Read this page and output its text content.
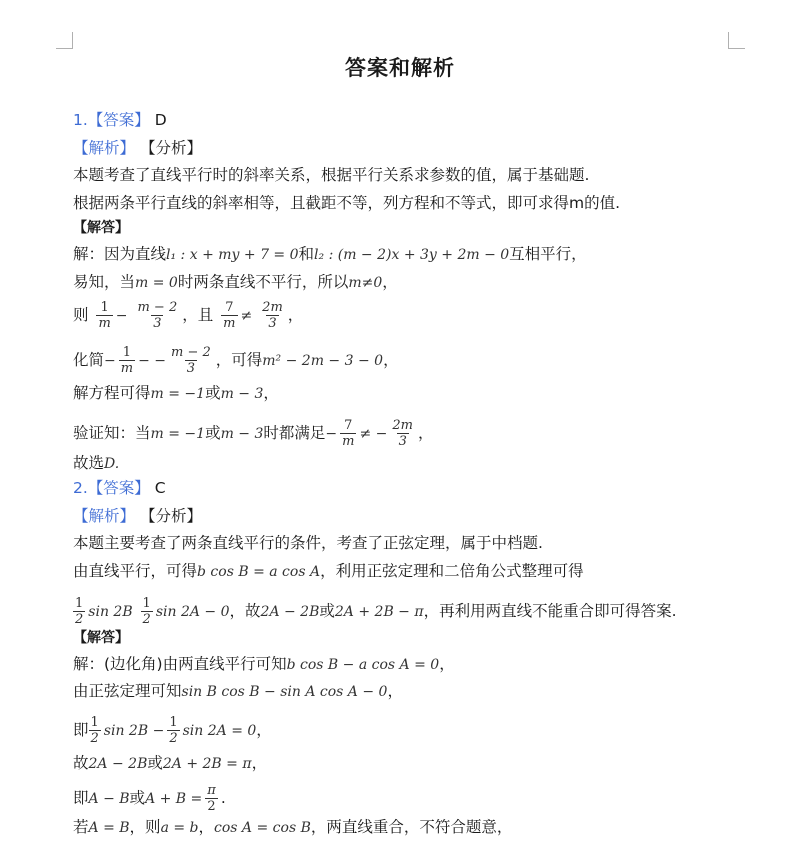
答案和解析
1.【答案】 D
【解析】 【分析】
本题考查了直线平行时的斜率关系，根据平行关系求参数的值，属于基础题.
根据两条平行直线的斜率相等，且截距不等，列方程和不等式，即可求得m的值.
【解答】
解：因为直线l₁ : x + my + 7 = 0和l₂ : (m − 2)x + 3y + 2m − 0互相平行，
易知，当m = 0时两条直线不平行，所以m≠0，
则 $\frac{1}{m} - \frac{m - 2}{3}$ ，且 $\frac{7}{m} \ne \frac{2m}{3}$ ，
化简− $\frac{1}{m}$ − − $\frac{m - 2}{3}$ ，可得m² − 2m − 3 − 0，
解方程可得m = −1或m − 3，
验证知：当m = −1或m − 3时都满足− $\frac{7}{m}$ ≠ − $\frac{2m}{3}$ ，
故选D.
2.【答案】 C
【解析】 【分析】
本题主要考查了两条直线平行的条件，考查了正弦定理，属于中档题.
由直线平行，可得b cos B = a cos A，利用正弦定理和二倍角公式整理可得
$\frac{1}{2}$ $\sin 2B \frac{1}{2}$ sin 2A − 0，故2A − 2B或2A + 2B − π，再利用两直线不能重合即可得答案.
【解答】
解：(边化角)由两直线平行可知b cos B − a cos A = 0，
由正弦定理可知sin B cos B − sin A cos A − 0，
即 $\frac{1}{2}$ $\sin 2B - \frac{1}{2}$ sin 2A = 0，
故2A − 2B或2A + 2B = π，
即A − B或$A + B = \frac{\pi}{2}$ .
若A = B，则a = b，cos A = cos B，两直线重合，不符合题意，
